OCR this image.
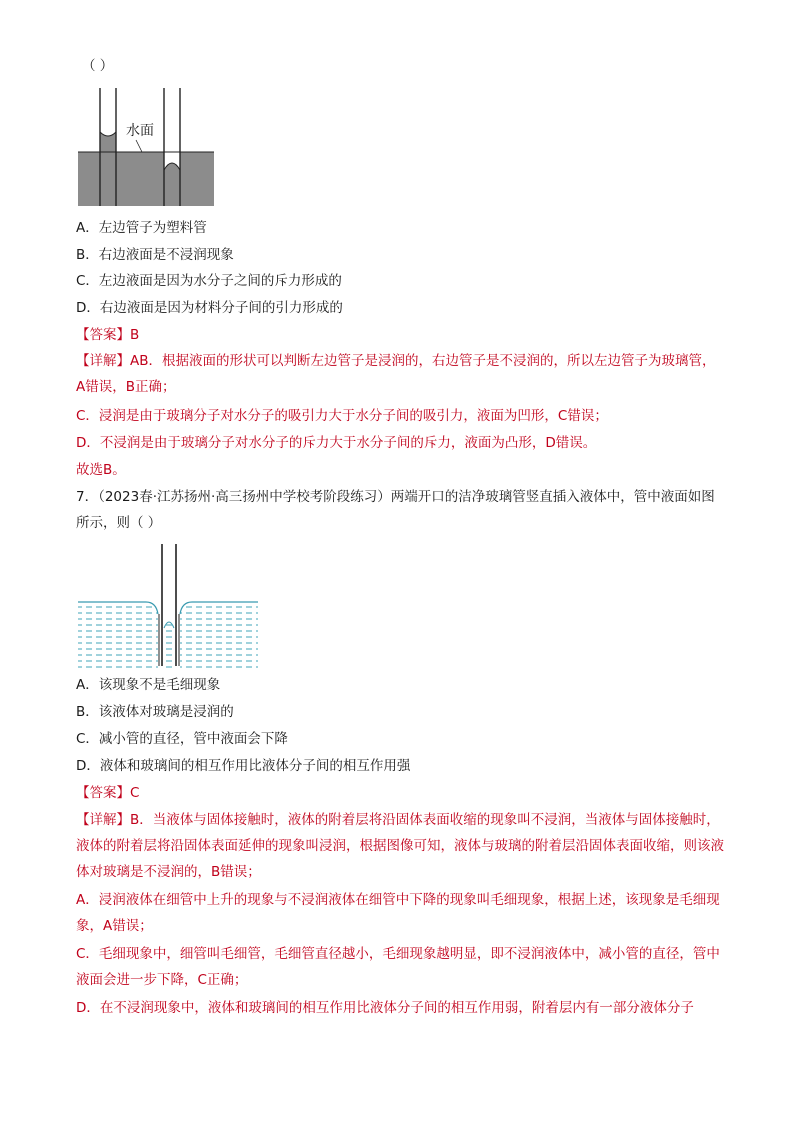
（ ）
水面
A．左边管子为塑料管
B．右边液面是不浸润现象
C．左边液面是因为水分子之间的斥力形成的
D．右边液面是因为材料分子间的引力形成的
【答案】B
【详解】AB．根据液面的形状可以判断左边管子是浸润的，右边管子是不浸润的，所以左边管子为玻璃管，A错误，B正确；
C．浸润是由于玻璃分子对水分子的吸引力大于水分子间的吸引力，液面为凹形，C错误；
D．不浸润是由于玻璃分子对水分子的斥力大于水分子间的斥力，液面为凸形，D错误。
故选B。
7．（2023春·江苏扬州·高三扬州中学校考阶段练习）两端开口的洁净玻璃管竖直插入液体中，管中液面如图所示，则（ ）
A．该现象不是毛细现象
B．该液体对玻璃是浸润的
C．减小管的直径，管中液面会下降
D．液体和玻璃间的相互作用比液体分子间的相互作用强
【答案】C
【详解】B．当液体与固体接触时，液体的附着层将沿固体表面收缩的现象叫不浸润，当液体与固体接触时，液体的附着层将沿固体表面延伸的现象叫浸润，根据图像可知，液体与玻璃的附着层沿固体表面收缩，则该液体对玻璃是不浸润的，B错误；
A．浸润液体在细管中上升的现象与不浸润液体在细管中下降的现象叫毛细现象，根据上述，该现象是毛细现象，A错误；
C．毛细现象中，细管叫毛细管，毛细管直径越小，毛细现象越明显，即不浸润液体中，减小管的直径，管中液面会进一步下降，C正确；
D．在不浸润现象中，液体和玻璃间的相互作用比液体分子间的相互作用弱，附着层内有一部分液体分子
